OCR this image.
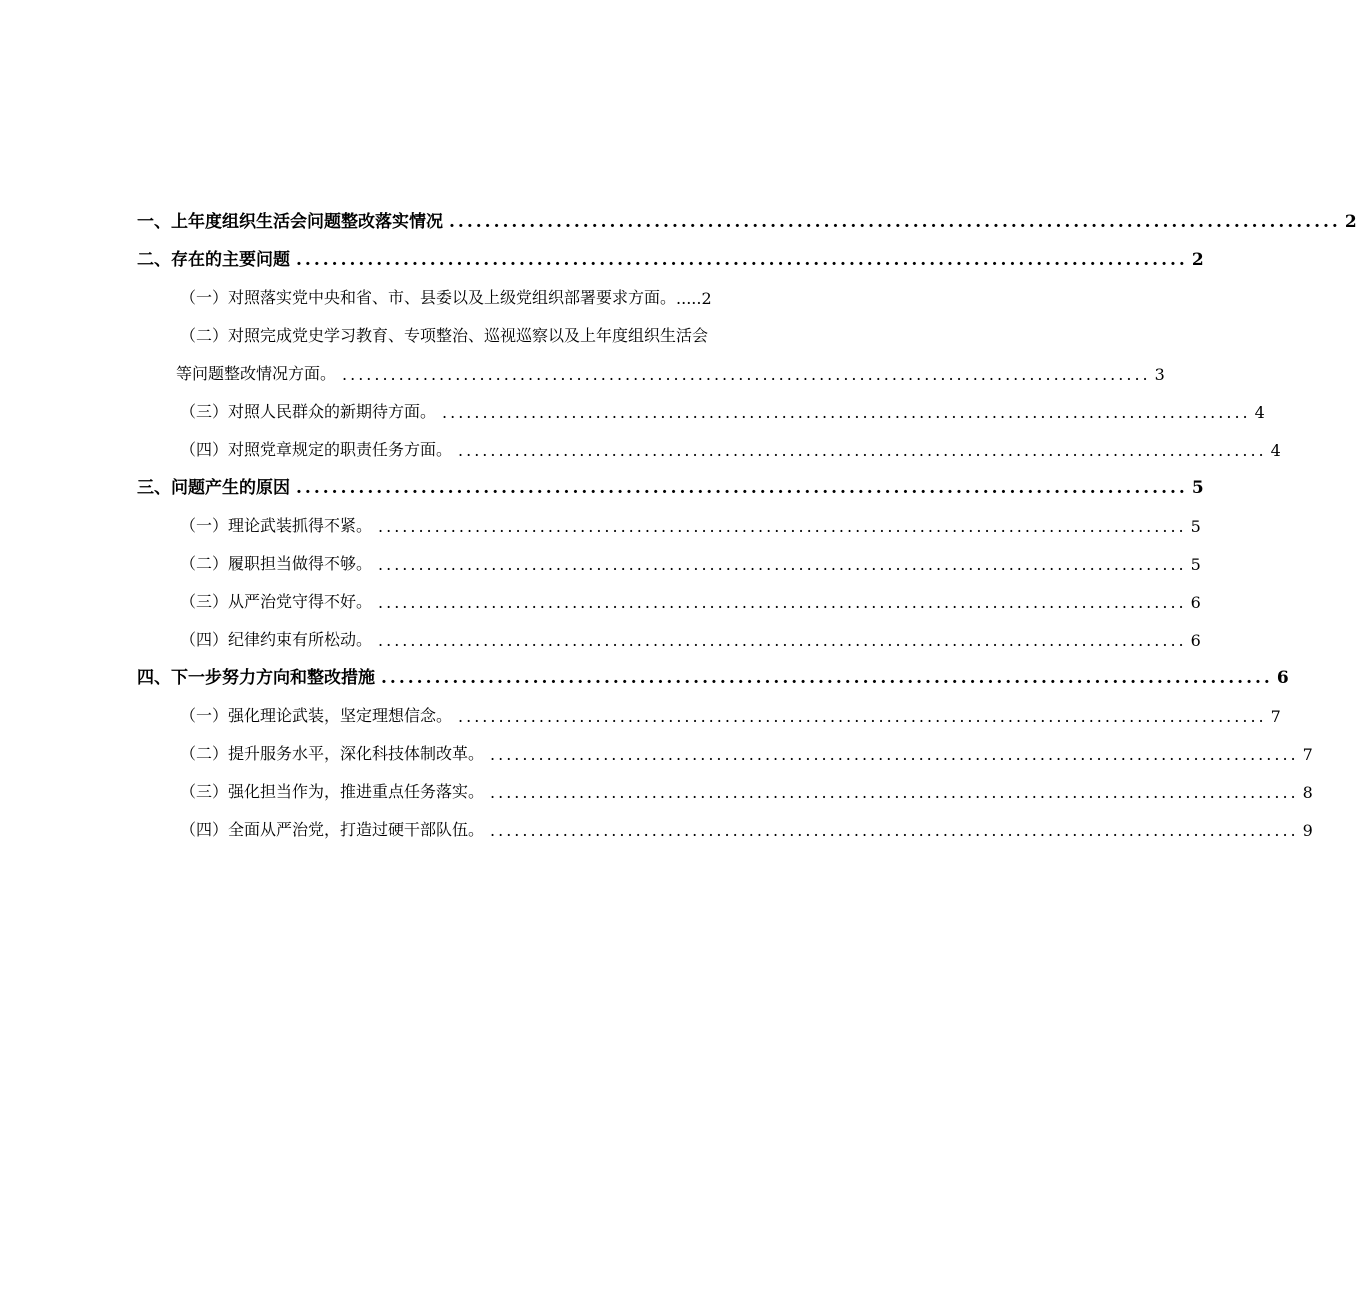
一、上年度组织生活会问题整改落实情况 .................................................................................................... 2
二、存在的主要问题 .................................................................................................... 2
（一）对照落实党中央和省、市、县委以及上级党组织部署要求方面。 ..... 2
（二）对照完成党史学习教育、专项整治、巡视巡察以及上年度组织生活会
等问题整改情况方面。 .................................................................................................... 3
（三）对照人民群众的新期待方面。 .................................................................................................... 4
（四）对照党章规定的职责任务方面。 .................................................................................................... 4
三、问题产生的原因 .................................................................................................... 5
（一）理论武装抓得不紧。 .................................................................................................... 5
（二）履职担当做得不够。 .................................................................................................... 5
（三）从严治党守得不好。 .................................................................................................... 6
（四）纪律约束有所松动。 .................................................................................................... 6
四、下一步努力方向和整改措施 .................................................................................................... 6
（一）强化理论武装，坚定理想信念。 .................................................................................................... 7
（二）提升服务水平，深化科技体制改革。 .................................................................................................... 7
（三）强化担当作为，推进重点任务落实。 .................................................................................................... 8
（四）全面从严治党，打造过硬干部队伍。 .................................................................................................... 9
